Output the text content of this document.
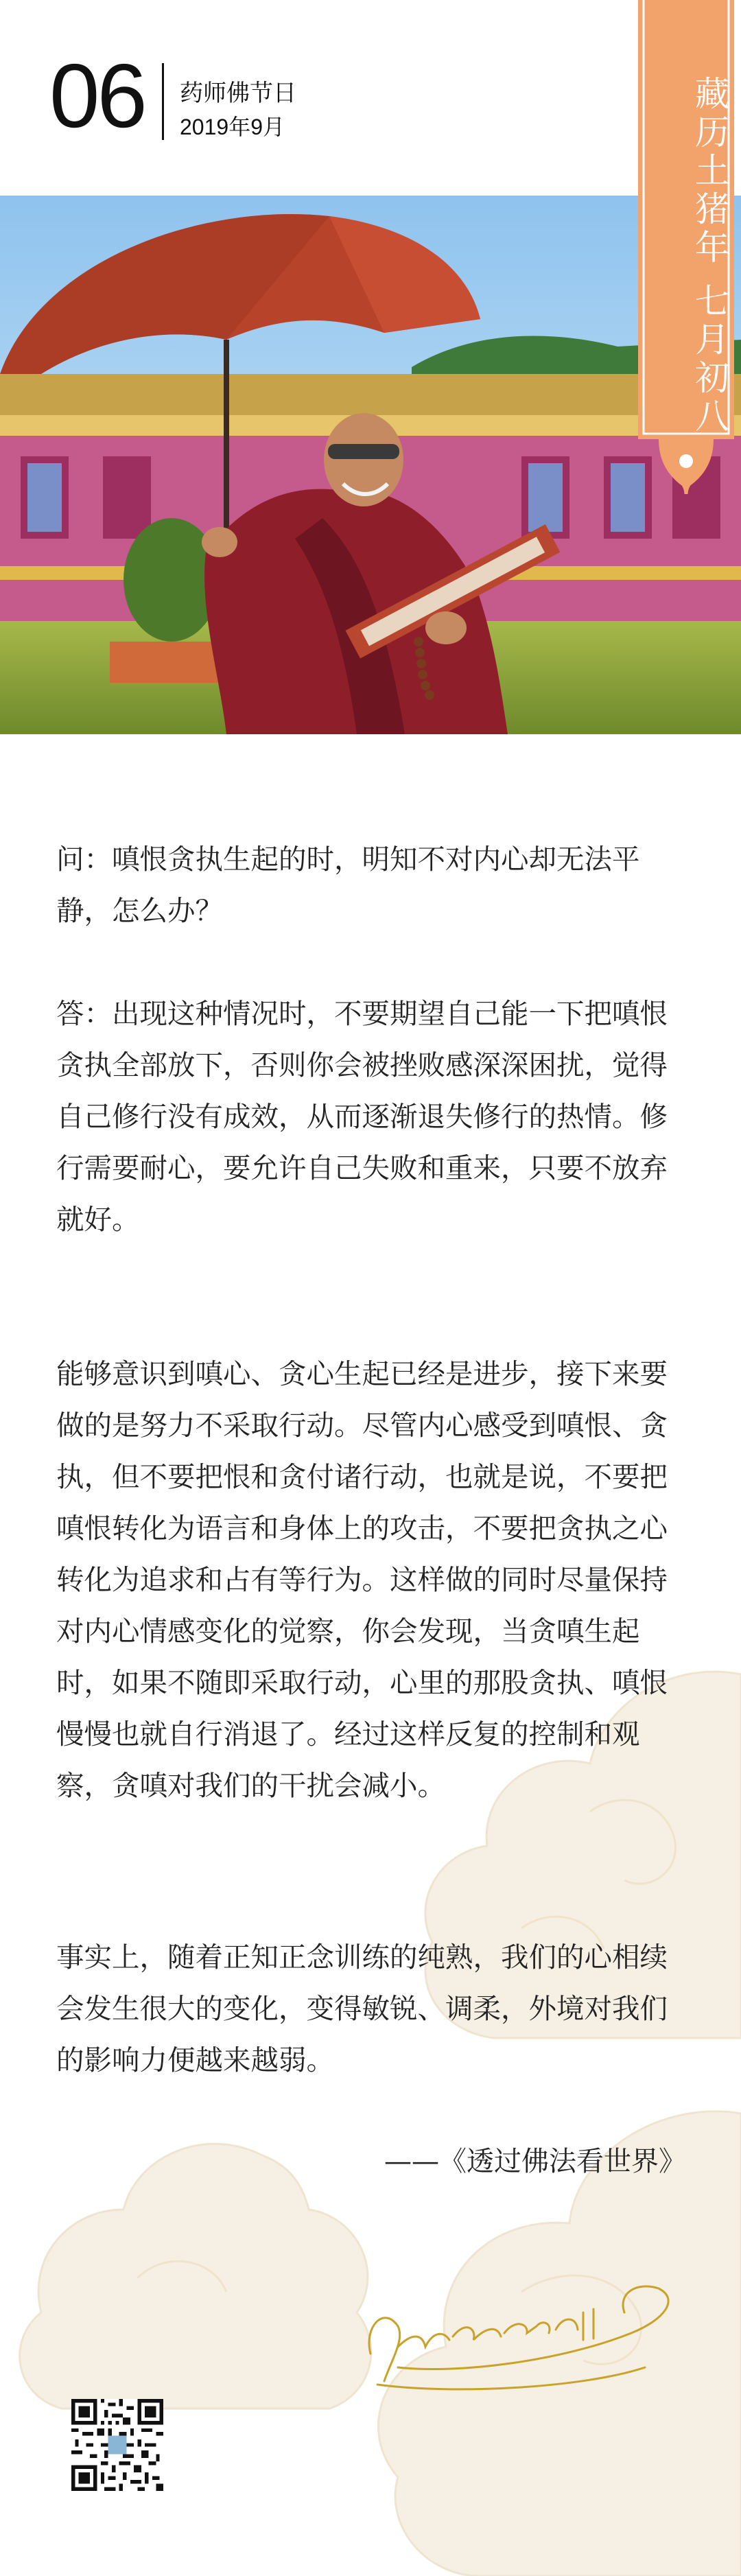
06 药师佛节日
2019年9月	藏历土猪年 七月初八

问：嗔恨贪执生起的时，明知不对内心却无法平静，怎么办？

答：出现这种情况时，不要期望自己能一下把嗔恨贪执全部放下，否则你会被挫败感深深困扰，觉得自己修行没有成效，从而逐渐退失修行的热情。修行需要耐心，要允许自己失败和重来，只要不放弃就好。

能够意识到嗔心、贪心生起已经是进步，接下来要做的是努力不采取行动。尽管内心感受到嗔恨、贪执，但不要把恨和贪付诸行动，也就是说，不要把嗔恨转化为语言和身体上的攻击，不要把贪执之心转化为追求和占有等行为。这样做的同时尽量保持对内心情感变化的觉察，你会发现，当贪嗔生起时，如果不随即采取行动，心里的那股贪执、嗔恨慢慢也就自行消退了。经过这样反复的控制和观察，贪嗔对我们的干扰会减小。

事实上，随着正知正念训练的纯熟，我们的心相续会发生很大的变化，变得敏锐、调柔，外境对我们的影响力便越来越弱。

——《透过佛法看世界》
